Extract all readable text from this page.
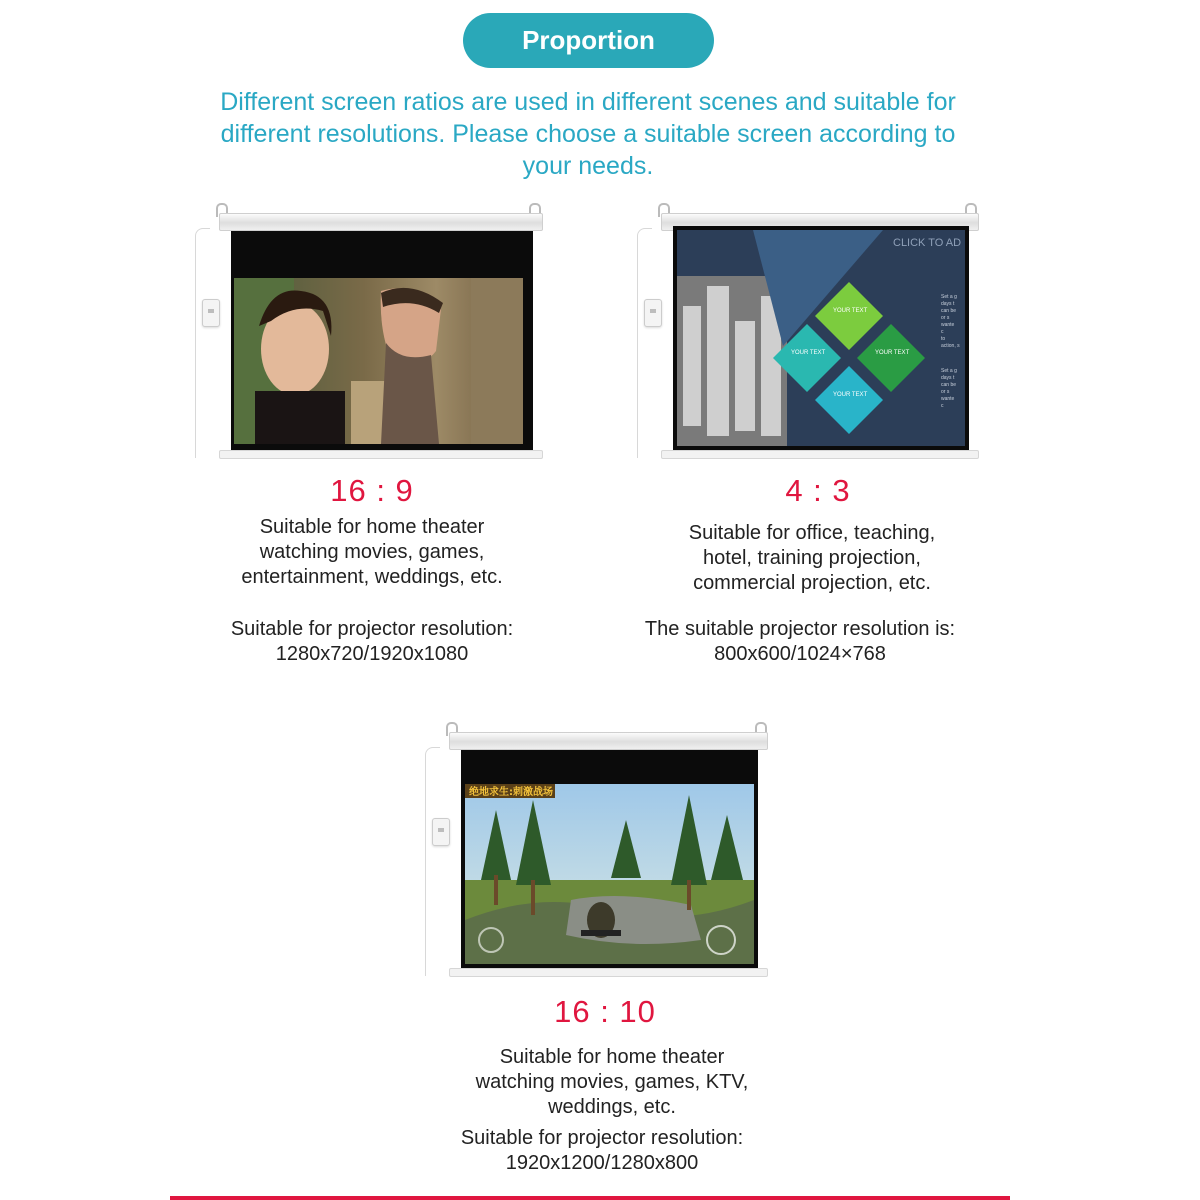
Proportion
Different screen ratios are used in different scenes and suitable for
different resolutions. Please choose a suitable screen according to
your needs.
16 : 9
Suitable for home theater
watching movies, games,
entertainment, weddings, etc.
Suitable for projector resolution:
1280x720/1920x1080
CLICK TO AD
YOUR TEXT
YOUR TEXT	YOUR TEXT
YOUR TEXT
Set a g
days t
can be
or s
wante
c
to
action, s
Set a g
days t
can be
or s
wante
c
4 : 3
Suitable for office, teaching,
hotel, training projection,
commercial projection, etc.
The suitable projector resolution is:
800x600/1024×768
绝地求生:刺激战场
16 : 10
Suitable for home theater
watching movies, games, KTV,
weddings, etc.
Suitable for projector resolution:
1920x1200/1280x800
